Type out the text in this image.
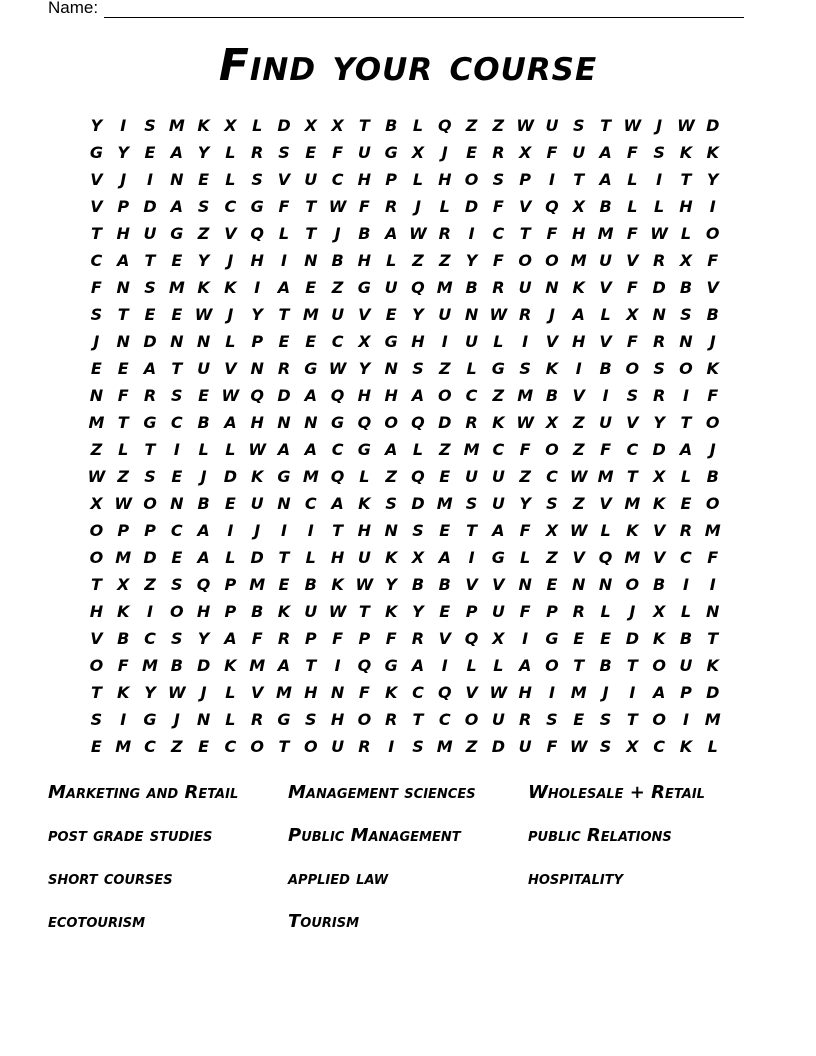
Name:
Find your course
Y	I	S M K X L D X X T B L Q Z Z W U S T W J W D
G Y E A Y L R S E F U G X	J	E R X F U A F S K K
V	J	I	N E	L S V U C H P L H O S P	I	T A L	I	T Y
V P D A S C G F T W F R	J	L D F V Q X B L	L H	I
T H U G Z V Q L	T	J	B A W R	I	C T F H M F W L O
C A T E Y	J	H	I	N B H L Z Z Y F O O M U V R X F
F N S M K K	I	A E Z G U Q M B R U N K V F D B V
S T E E W J	Y T M U V E Y U N W R	J	A L X N S B
J	N D N N L P E E C X G H	I	U L	I	V H V F R N	J
E E A T U V N R G W Y N S Z L G S K	I	B O S O K
N F R S E W Q D A Q H H A O C Z M B V	I	S R	I	F
M T G C B A H N N G Q O Q D R K W X Z U V Y T O
Z L	T	I	L	L W A A C G A L Z M C F O Z F C D A	J
W Z S E	J	D K G M Q L Z Q E U U Z C W M T X L B
X W O N B E U N C A K S D M S U Y S Z V M K E O
O P P C A	I	J	I	I	T H N S E T A F X W L K V R M
O M D E A L D T	L H U K X A	I	G L Z V Q M V C F
T X Z S Q P M E B K W Y B B V V N E N N O B	I	I
H K	I	O H P B K U W T K Y E P U F P R L	J	X L N
V B C S Y A F R P F P F R V Q X	I	G E E D K B T
O F M B D K M A T	I	Q G A	I	L	L A O T B T O U K
T K Y W J	L V M H N F K C Q V W H	I M J	I	A P D
S	I	G	J	N L R G S H O R T C O U R S E S T O	I M
E M C Z E C O T O U R	I	S M Z D U F W S X C K L
Marketing and Retail	Management sciences	Wholesale + Retail
post grade studies	Public Management	public Relations
short courses	applied law	hospitality
ecotourism	Tourism
